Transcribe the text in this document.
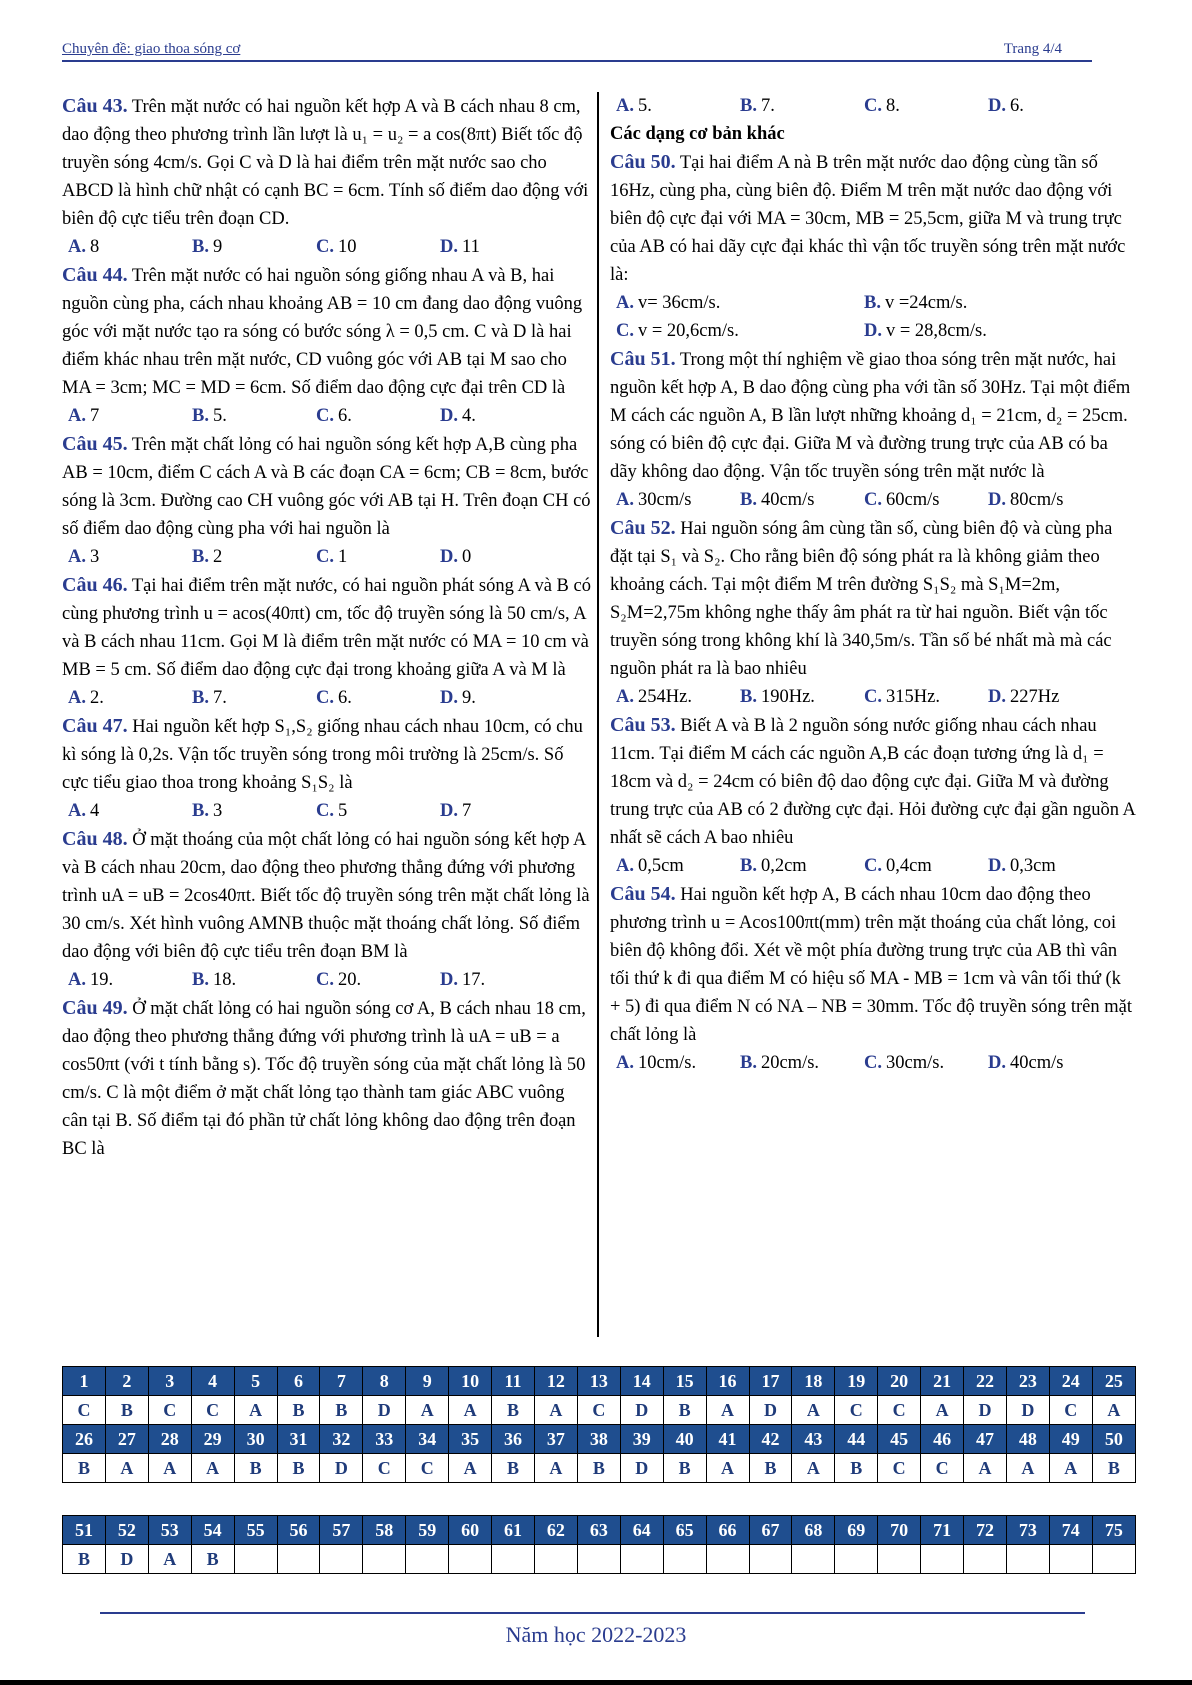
Chuyên đề: giao thoa sóng cơ	Trang 4/4
Câu 43. Trên mặt nước có hai nguồn kết hợp A và B cách nhau 8 cm, dao động theo phương trình lần lượt là u₁ = u₂ = a cos(8πt) Biết tốc độ truyền sóng 4cm/s. Gọi C và D là hai điểm trên mặt nước sao cho ABCD là hình chữ nhật có cạnh BC = 6cm. Tính số điểm dao động với biên độ cực tiểu trên đoạn CD.
A. 8	B. 9	C. 10	D. 11
Câu 44. Trên mặt nước có hai nguồn sóng giống nhau A và B, hai nguồn cùng pha, cách nhau khoảng AB = 10 cm đang dao động vuông góc với mặt nước tạo ra sóng có bước sóng λ = 0,5 cm. C và D là hai điểm khác nhau trên mặt nước, CD vuông góc với AB tại M sao cho MA = 3cm; MC = MD = 6cm. Số điểm dao động cực đại trên CD là
A. 7	B. 5.	C. 6.	D. 4.
Câu 45. Trên mặt chất lỏng có hai nguồn sóng kết hợp A,B cùng pha AB = 10cm, điểm C cách A và B các đoạn CA = 6cm; CB = 8cm, bước sóng là 3cm. Đường cao CH vuông góc với AB tại H. Trên đoạn CH có số điểm dao động cùng pha với hai nguồn là
A. 3	B. 2	C. 1	D. 0
Câu 46. Tại hai điểm trên mặt nước, có hai nguồn phát sóng A và B có cùng phương trình u = acos(40πt) cm, tốc độ truyền sóng là 50 cm/s, A và B cách nhau 11cm. Gọi M là điểm trên mặt nước có MA = 10 cm và MB = 5 cm. Số điểm dao động cực đại trong khoảng giữa A và M là
A. 2.	B. 7.	C. 6.	D. 9.
Câu 47. Hai nguồn kết hợp S₁,S₂ giống nhau cách nhau 10cm, có chu kì sóng là 0,2s. Vận tốc truyền sóng trong môi trường là 25cm/s. Số cực tiểu giao thoa trong khoảng S₁S₂ là
A. 4	B. 3	C. 5	D. 7
Câu 48. Ở mặt thoáng của một chất lỏng có hai nguồn sóng kết hợp A và B cách nhau 20cm, dao động theo phương thẳng đứng với phương trình uA = uB = 2cos40πt. Biết tốc độ truyền sóng trên mặt chất lỏng là 30 cm/s. Xét hình vuông AMNB thuộc mặt thoáng chất lỏng. Số điểm dao động với biên độ cực tiểu trên đoạn BM là
A. 19.	B. 18.	C. 20.	D. 17.
Câu 49. Ở mặt chất lỏng có hai nguồn sóng cơ A, B cách nhau 18 cm, dao động theo phương thẳng đứng với phương trình là uA = uB = a cos50πt (với t tính bằng s). Tốc độ truyền sóng của mặt chất lỏng là 50 cm/s. C là một điểm ở mặt chất lỏng tạo thành tam giác ABC vuông cân tại B. Số điểm tại đó phần tử chất lỏng không dao động trên đoạn BC là
A. 5.	B. 7.	C. 8.	D. 6.
Các dạng cơ bản khác
Câu 50. Tại hai điểm A nà B trên mặt nước dao động cùng tần số 16Hz, cùng pha, cùng biên độ. Điểm M trên mặt nước dao động với biên độ cực đại với MA = 30cm, MB = 25,5cm, giữa M và trung trực của AB có hai dãy cực đại khác thì vận tốc truyền sóng trên mặt nước là:
A. v= 36cm/s.	B. v =24cm/s.
C. v = 20,6cm/s.	D. v = 28,8cm/s.
Câu 51. Trong một thí nghiệm về giao thoa sóng trên mặt nước, hai nguồn kết hợp A, B dao động cùng pha với tần số 30Hz. Tại một điểm M cách các nguồn A, B lần lượt những khoảng d₁ = 21cm, d₂ = 25cm. sóng có biên độ cực đại. Giữa M và đường trung trực của AB có ba dãy không dao động. Vận tốc truyền sóng trên mặt nước là
A. 30cm/s	B. 40cm/s	C. 60cm/s	D. 80cm/s
Câu 52. Hai nguồn sóng âm cùng tần số, cùng biên độ và cùng pha đặt tại S₁ và S₂. Cho rằng biên độ sóng phát ra là không giảm theo khoảng cách. Tại một điểm M trên đường S₁S₂ mà S₁M=2m, S₂M=2,75m không nghe thấy âm phát ra từ hai nguồn. Biết vận tốc truyền sóng trong không khí là 340,5m/s. Tần số bé nhất mà mà các nguồn phát ra là bao nhiêu
A. 254Hz.	B. 190Hz.	C. 315Hz.	D. 227Hz
Câu 53. Biết A và B là 2 nguồn sóng nước giống nhau cách nhau 11cm. Tại điểm M cách các nguồn A,B các đoạn tương ứng là d₁ = 18cm và d₂ = 24cm có biên độ dao động cực đại. Giữa M và đường trung trực của AB có 2 đường cực đại. Hỏi đường cực đại gần nguồn A nhất sẽ cách A bao nhiêu
A. 0,5cm	B. 0,2cm	C. 0,4cm	D. 0,3cm
Câu 54. Hai nguồn kết hợp A, B cách nhau 10cm dao động theo phương trình u = Acos100πt(mm) trên mặt thoáng của chất lỏng, coi biên độ không đổi. Xét về một phía đường trung trực của AB thì vân tối thứ k đi qua điểm M có hiệu số MA - MB = 1cm và vân tối thứ (k + 5) đi qua điểm N có NA – NB = 30mm. Tốc độ truyền sóng trên mặt chất lỏng là
A. 10cm/s.	B. 20cm/s.	C. 30cm/s.	D. 40cm/s
1	2	3	4	5	6	7	8	9	10	11	12	13	14	15	16	17	18	19	20	21	22	23	24	25
C	B	C	C	A	B	B	D	A	A	B	A	C	D	B	A	D	A	C	C	A	D	D	C	A
26	27	28	29	30	31	32	33	34	35	36	37	38	39	40	41	42	43	44	45	46	47	48	49	50
B	A	A	A	B	B	D	C	C	A	B	A	B	D	B	A	B	A	B	C	C	A	A	A	B
51	52	53	54	55	56	57	58	59	60	61	62	63	64	65	66	67	68	69	70	71	72	73	74	75
B	D	A	B																					
Năm học 2022-2023
